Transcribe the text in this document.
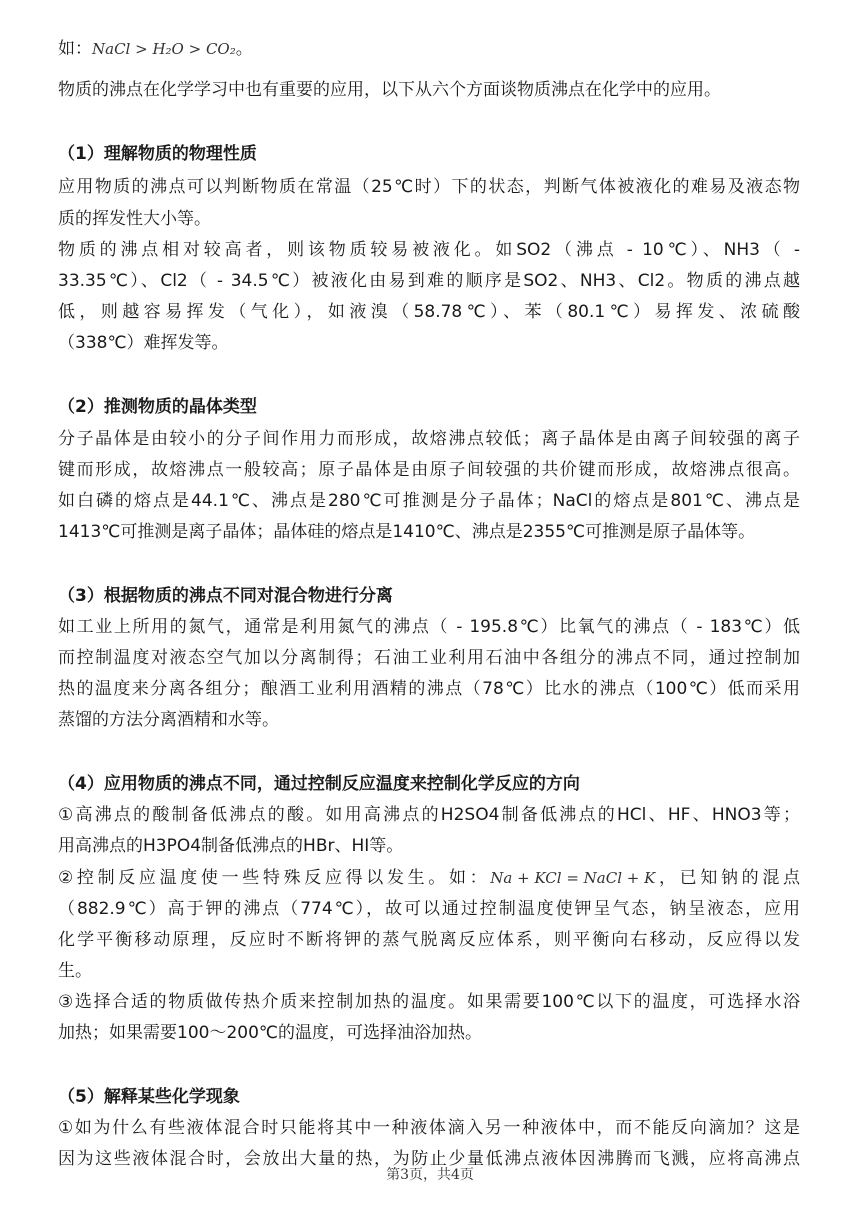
如：NaCl > H₂O > CO₂。
物质的沸点在化学学习中也有重要的应用，以下从六个方面谈物质沸点在化学中的应用。
（1）理解物质的物理性质
应用物质的沸点可以判断物质在常温（25℃时）下的状态，判断气体被液化的难易及液态物
质的挥发性大小等。
物质的沸点相对较高者，则该物质较易被液化。如SO2（沸点 - 10℃）、NH3（ -
33.35℃）、Cl2（ - 34.5℃）被液化由易到难的顺序是SO2、NH3、Cl2。物质的沸点越
低，则越容易挥发（气化），如液溴（58.78℃）、苯（80.1℃）易挥发、浓硫酸
（338℃）难挥发等。
（2）推测物质的晶体类型
分子晶体是由较小的分子间作用力而形成，故熔沸点较低；离子晶体是由离子间较强的离子
键而形成，故熔沸点一般较高；原子晶体是由原子间较强的共价键而形成，故熔沸点很高。
如白磷的熔点是44.1℃、沸点是280℃可推测是分子晶体；NaCl的熔点是801℃、沸点是
1413℃可推测是离子晶体；晶体硅的熔点是1410℃、沸点是2355℃可推测是原子晶体等。
（3）根据物质的沸点不同对混合物进行分离
如工业上所用的氮气，通常是利用氮气的沸点（ - 195.8℃）比氧气的沸点（ - 183℃）低
而控制温度对液态空气加以分离制得；石油工业利用石油中各组分的沸点不同，通过控制加
热的温度来分离各组分；酿酒工业利用酒精的沸点（78℃）比水的沸点（100℃）低而采用
蒸馏的方法分离酒精和水等。
（4）应用物质的沸点不同，通过控制反应温度来控制化学反应的方向
①高沸点的酸制备低沸点的酸。如用高沸点的H2SO4制备低沸点的HCl、HF、HNO3等；
用高沸点的H3PO4制备低沸点的HBr、HI等。
②控制反应温度使一些特殊反应得以发生。如：Na + KCl = NaCl + K，已知钠的混点
（882.9℃）高于钾的沸点（774℃），故可以通过控制温度使钾呈气态，钠呈液态，应用
化学平衡移动原理，反应时不断将钾的蒸气脱离反应体系，则平衡向右移动，反应得以发
生。
③选择合适的物质做传热介质来控制加热的温度。如果需要100℃以下的温度，可选择水浴
加热；如果需要100～200℃的温度，可选择油浴加热。
（5）解释某些化学现象
①如为什么有些液体混合时只能将其中一种液体滴入另一种液体中，而不能反向滴加？这是
因为这些液体混合时，会放出大量的热，为防止少量低沸点液体因沸腾而飞溅，应将高沸点
第3页，共4页
